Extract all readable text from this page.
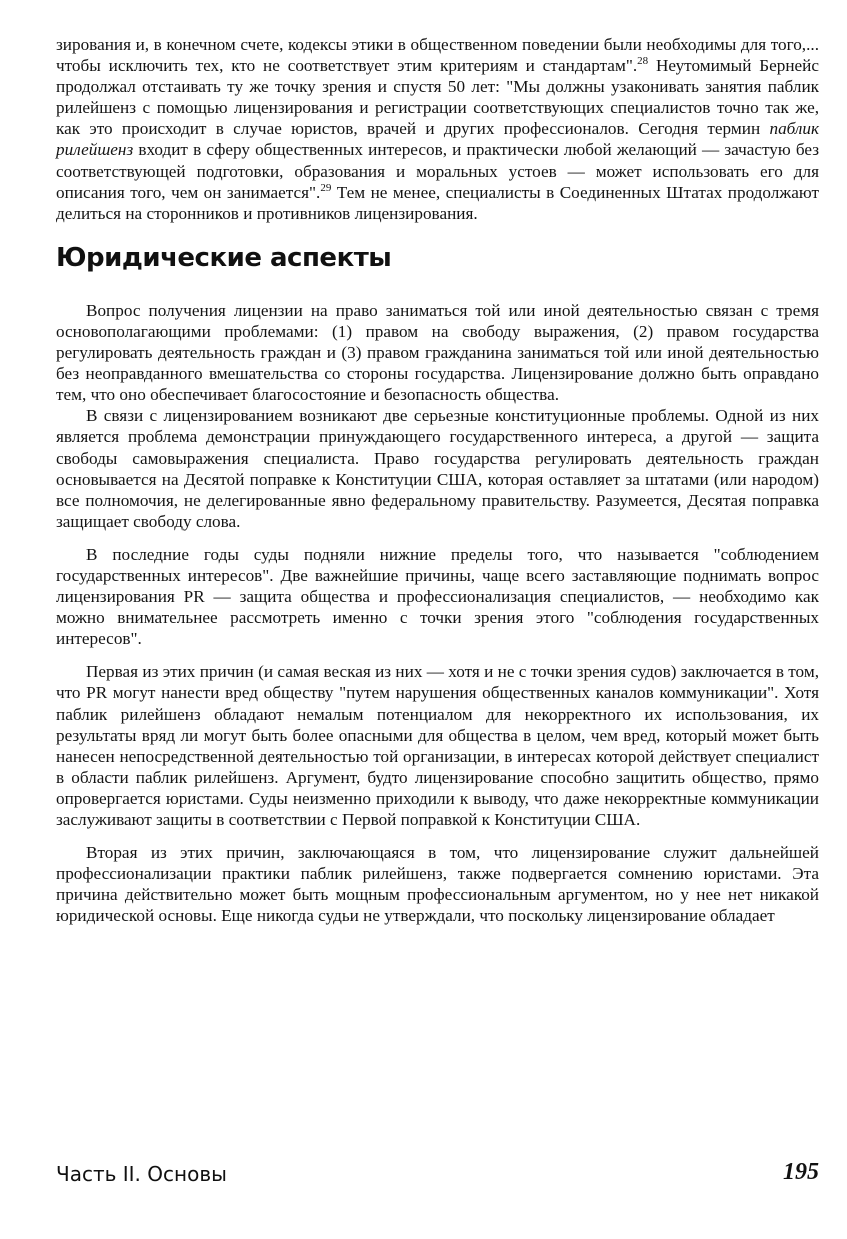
зирования и, в конечном счете, кодексы этики в общественном поведении были необходимы для того,... чтобы исключить тех, кто не соответствует этим критериям и стандартам".$^{28}$ Неутомимый Бернейс продолжал отстаивать ту же точку зрения и спустя 50 лет: "Мы должны узаконивать занятия паблик рилейшенз с помощью лицензирования и регистрации соответствующих специалистов точно так же, как это происходит в случае юристов, врачей и других профессионалов. Сегодня термин паблик рилейшенз входит в сферу общественных интересов, и практически любой желающий — зачастую без соответствующей подготовки, образования и моральных устоев — может использовать его для описания того, чем он занимается".$^{29}$ Тем не менее, специалисты в Соединенных Штатах продолжают делиться на сторонников и противников лицензирования.

Юридические аспекты

Вопрос получения лицензии на право заниматься той или иной деятельностью связан с тремя основополагающими проблемами: (1) правом на свободу выражения, (2) правом государства регулировать деятельность граждан и (3) правом гражданина заниматься той или иной деятельностью без неоправданного вмешательства со стороны государства. Лицензирование должно быть оправдано тем, что оно обеспечивает благосостояние и безопасность общества.

В связи с лицензированием возникают две серьезные конституционные проблемы. Одной из них является проблема демонстрации принуждающего государственного интереса, а другой — защита свободы самовыражения специалиста. Право государства регулировать деятельность граждан основывается на Десятой поправке к Конституции США, которая оставляет за штатами (или народом) все полномочия, не делегированные явно федеральному правительству. Разумеется, Десятая поправка защищает свободу слова.

В последние годы суды подняли нижние пределы того, что называется "соблюдением государственных интересов". Две важнейшие причины, чаще всего заставляющие поднимать вопрос лицензирования PR — защита общества и профессионализация специалистов, — необходимо как можно внимательнее рассмотреть именно с точки зрения этого "соблюдения государственных интересов".

Первая из этих причин (и самая веская из них — хотя и не с точки зрения судов) заключается в том, что PR могут нанести вред обществу "путем нарушения общественных каналов коммуникации". Хотя паблик рилейшенз обладают немалым потенциалом для некорректного их использования, их результаты вряд ли могут быть более опасными для общества в целом, чем вред, который может быть нанесен непосредственной деятельностью той организации, в интересах которой действует специалист в области паблик рилейшенз. Аргумент, будто лицензирование способно защитить общество, прямо опровергается юристами. Суды неизменно приходили к выводу, что даже некорректные коммуникации заслуживают защиты в соответствии с Первой поправкой к Конституции США.

Вторая из этих причин, заключающаяся в том, что лицензирование служит дальнейшей профессионализации практики паблик рилейшенз, также подвергается сомнению юристами. Эта причина действительно может быть мощным профессиональным аргументом, но у нее нет никакой юридической основы. Еще никогда судьи не утверждали, что поскольку лицензирование обладает

Часть II. Основы	195
